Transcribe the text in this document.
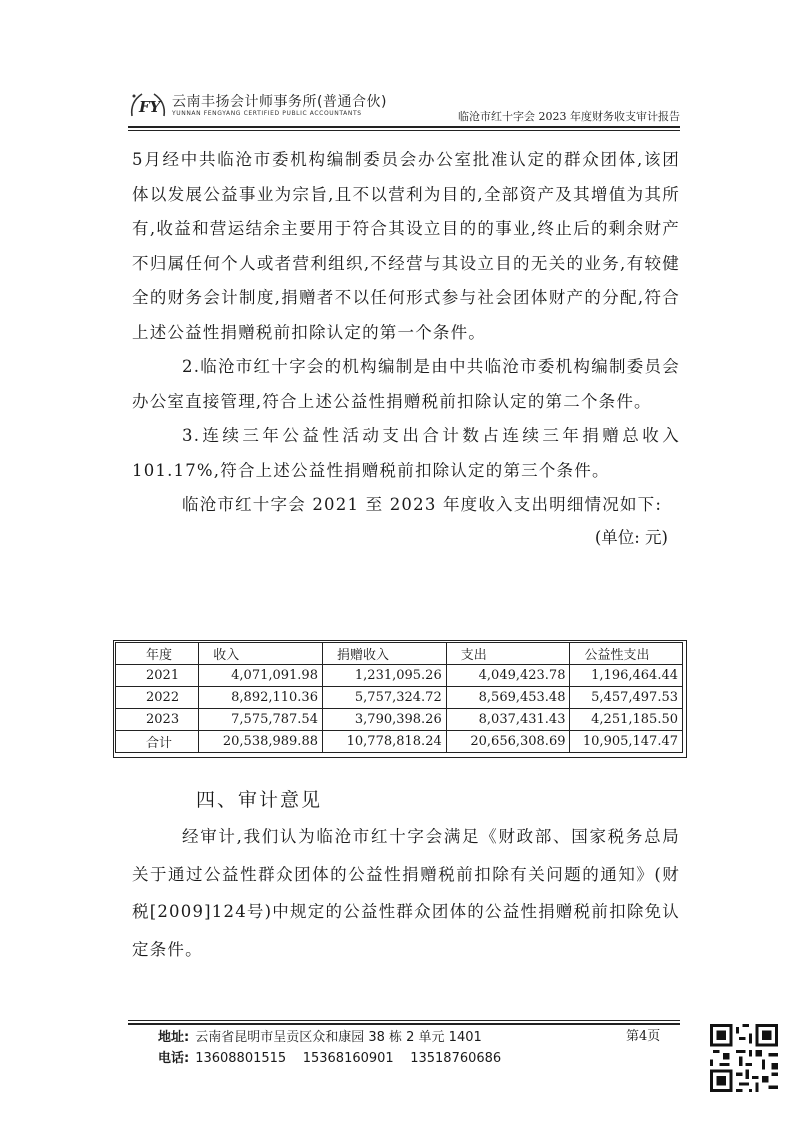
FY 云南丰扬会计师事务所(普通合伙)
YUNNAN FENGYANG CERTIFIED PUBLIC ACCOUNTANTS	临沧市红十字会 2023 年度财务收支审计报告

5月经中共临沧市委机构编制委员会办公室批准认定的群众团体,该团体以发展公益事业为宗旨,且不以营利为目的,全部资产及其增值为其所有,收益和营运结余主要用于符合其设立目的的事业,终止后的剩余财产不归属任何个人或者营利组织,不经营与其设立目的无关的业务,有较健全的财务会计制度,捐赠者不以任何形式参与社会团体财产的分配,符合上述公益性捐赠税前扣除认定的第一个条件。

2.临沧市红十字会的机构编制是由中共临沧市委机构编制委员会办公室直接管理,符合上述公益性捐赠税前扣除认定的第二个条件。

3.连续三年公益性活动支出合计数占连续三年捐赠总收入101.17%,符合上述公益性捐赠税前扣除认定的第三个条件。

临沧市红十字会 2021 至 2023 年度收入支出明细情况如下:

(单位: 元)

年度	收入	捐赠收入	支出	公益性支出
2021	4,071,091.98	1,231,095.26	4,049,423.78	1,196,464.44
2022	8,892,110.36	5,757,324.72	8,569,453.48	5,457,497.53
2023	7,575,787.54	3,790,398.26	8,037,431.43	4,251,185.50
合计	20,538,989.88	10,778,818.24	20,656,308.69	10,905,147.47
四、审计意见

经审计,我们认为临沧市红十字会满足《财政部、国家税务总局关于通过公益性群众团体的公益性捐赠税前扣除有关问题的通知》(财税[2009]124号)中规定的公益性群众团体的公益性捐赠税前扣除免认定条件。

地址: 云南省昆明市呈贡区众和康园 38 栋 2 单元 1401
电话: 13608801515    15368160901    13518760686
第4页
